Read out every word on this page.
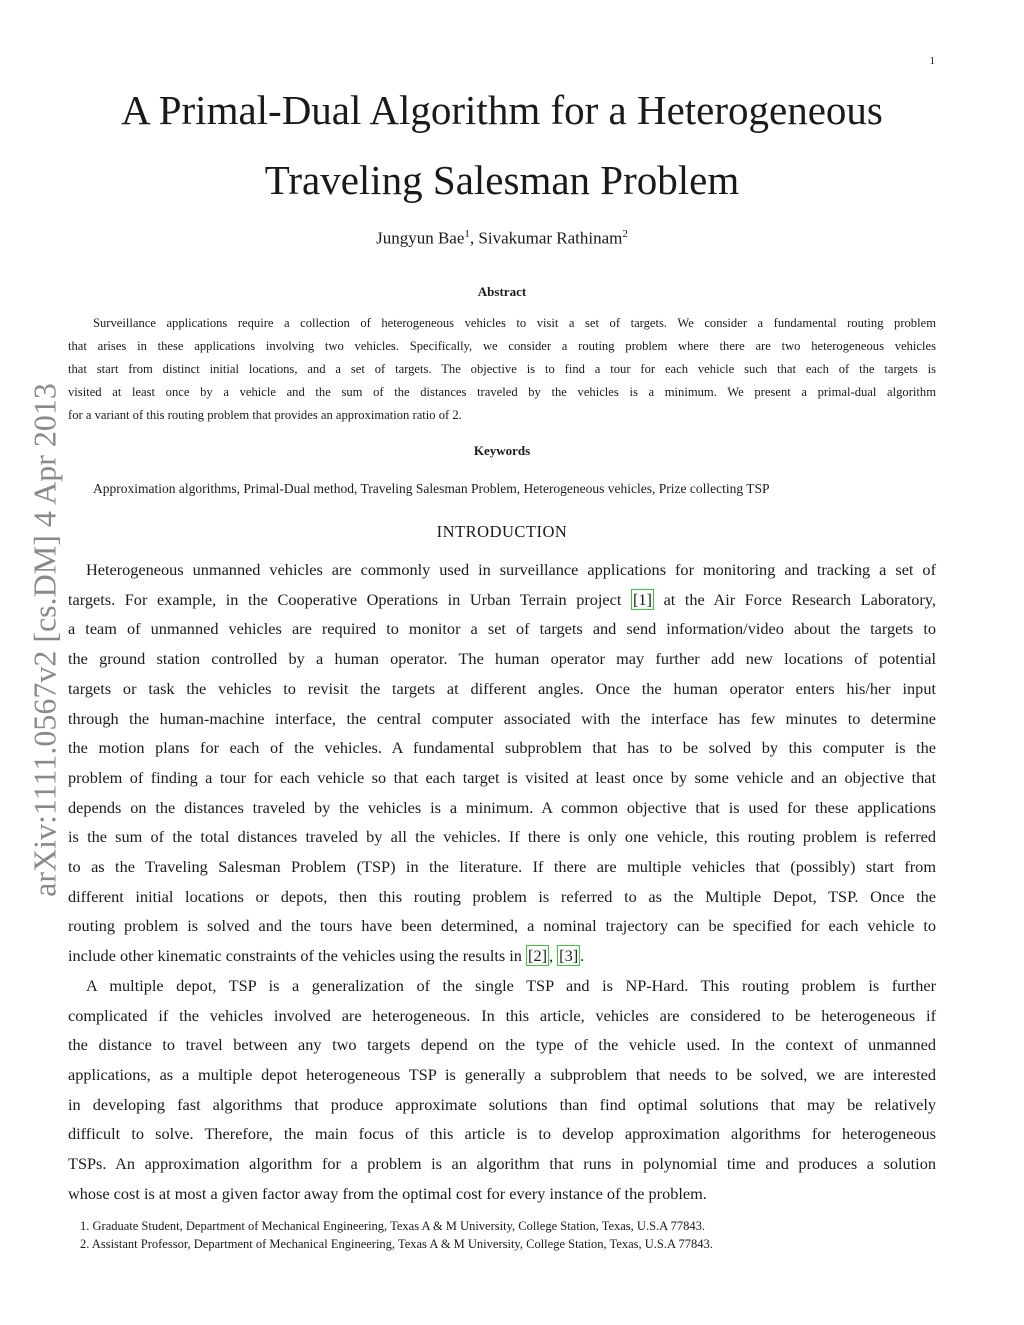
1
arXiv:1111.0567v2 [cs.DM] 4 Apr 2013
A Primal-Dual Algorithm for a Heterogeneous
Traveling Salesman Problem
Jungyun Bae$^1$, Sivakumar Rathinam$^2$
Abstract
Surveillance applications require a collection of heterogeneous vehicles to visit a set of targets. We consider a fundamental routing problem
that arises in these applications involving two vehicles. Specifically, we consider a routing problem where there are two heterogeneous vehicles
that start from distinct initial locations, and a set of targets. The objective is to find a tour for each vehicle such that each of the targets is
visited at least once by a vehicle and the sum of the distances traveled by the vehicles is a minimum. We present a primal-dual algorithm
for a variant of this routing problem that provides an approximation ratio of 2.
Keywords
Approximation algorithms, Primal-Dual method, Traveling Salesman Problem, Heterogeneous vehicles, Prize collecting TSP
INTRODUCTION
Heterogeneous unmanned vehicles are commonly used in surveillance applications for monitoring and tracking a set of
targets. For example, in the Cooperative Operations in Urban Terrain project [1] at the Air Force Research Laboratory,
a team of unmanned vehicles are required to monitor a set of targets and send information/video about the targets to
the ground station controlled by a human operator. The human operator may further add new locations of potential
targets or task the vehicles to revisit the targets at different angles. Once the human operator enters his/her input
through the human-machine interface, the central computer associated with the interface has few minutes to determine
the motion plans for each of the vehicles. A fundamental subproblem that has to be solved by this computer is the
problem of finding a tour for each vehicle so that each target is visited at least once by some vehicle and an objective that
depends on the distances traveled by the vehicles is a minimum. A common objective that is used for these applications
is the sum of the total distances traveled by all the vehicles. If there is only one vehicle, this routing problem is referred
to as the Traveling Salesman Problem (TSP) in the literature. If there are multiple vehicles that (possibly) start from
different initial locations or depots, then this routing problem is referred to as the Multiple Depot, TSP. Once the
routing problem is solved and the tours have been determined, a nominal trajectory can be specified for each vehicle to
include other kinematic constraints of the vehicles using the results in [2] , [3] .
A multiple depot, TSP is a generalization of the single TSP and is NP-Hard. This routing problem is further
complicated if the vehicles involved are heterogeneous. In this article, vehicles are considered to be heterogeneous if
the distance to travel between any two targets depend on the type of the vehicle used. In the context of unmanned
applications, as a multiple depot heterogeneous TSP is generally a subproblem that needs to be solved, we are interested
in developing fast algorithms that produce approximate solutions than find optimal solutions that may be relatively
difficult to solve. Therefore, the main focus of this article is to develop approximation algorithms for heterogeneous
TSPs. An approximation algorithm for a problem is an algorithm that runs in polynomial time and produces a solution
whose cost is at most a given factor away from the optimal cost for every instance of the problem.
1. Graduate Student, Department of Mechanical Engineering, Texas A & M University, College Station, Texas, U.S.A 77843.
2. Assistant Professor, Department of Mechanical Engineering, Texas A & M University, College Station, Texas, U.S.A 77843.
